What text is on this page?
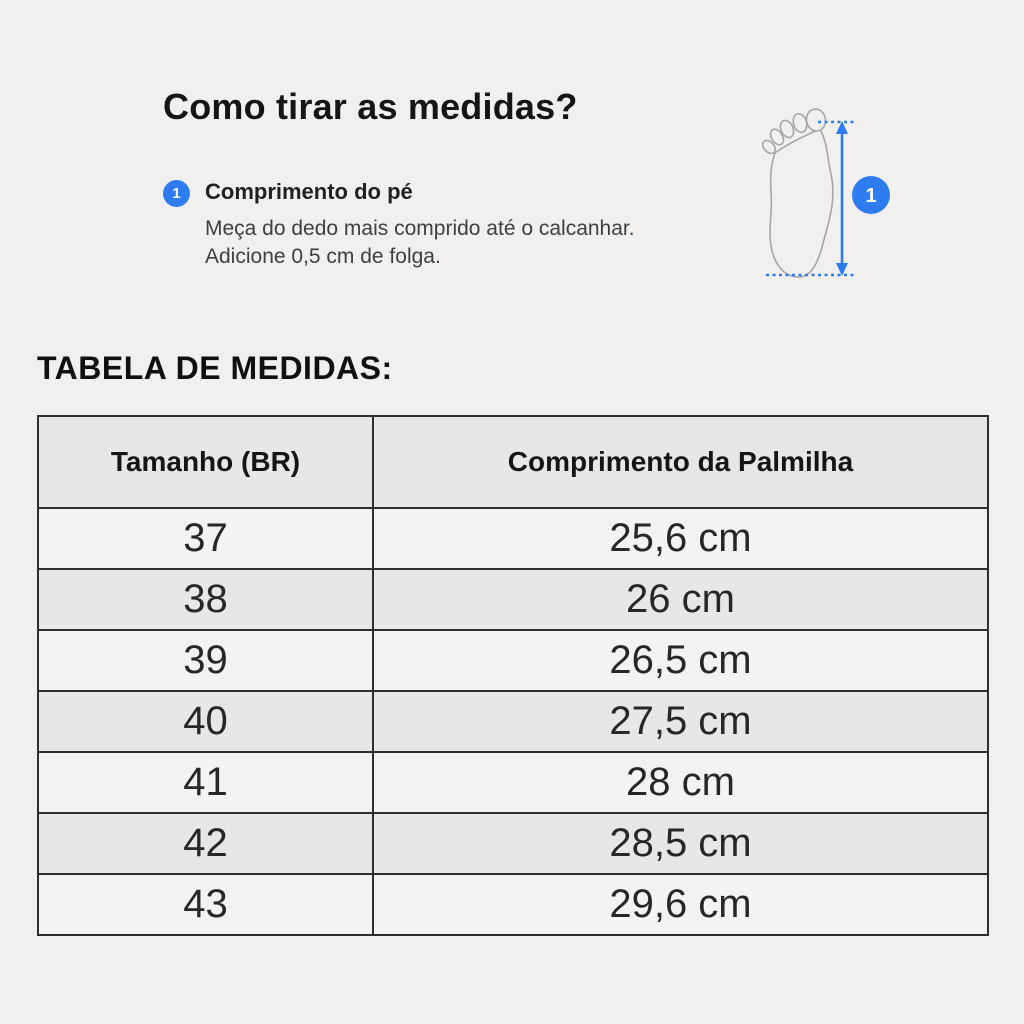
Como tirar as medidas?
1	Comprimento do pé

Meça do dedo mais comprido até o calcanhar. Adicione 0,5 cm de folga.

1
TABELA DE MEDIDAS:
Tamanho (BR)	Comprimento da Palmilha
37	25,6 cm
38	26 cm
39	26,5 cm
40	27,5 cm
41	28 cm
42	28,5 cm
43	29,6 cm
